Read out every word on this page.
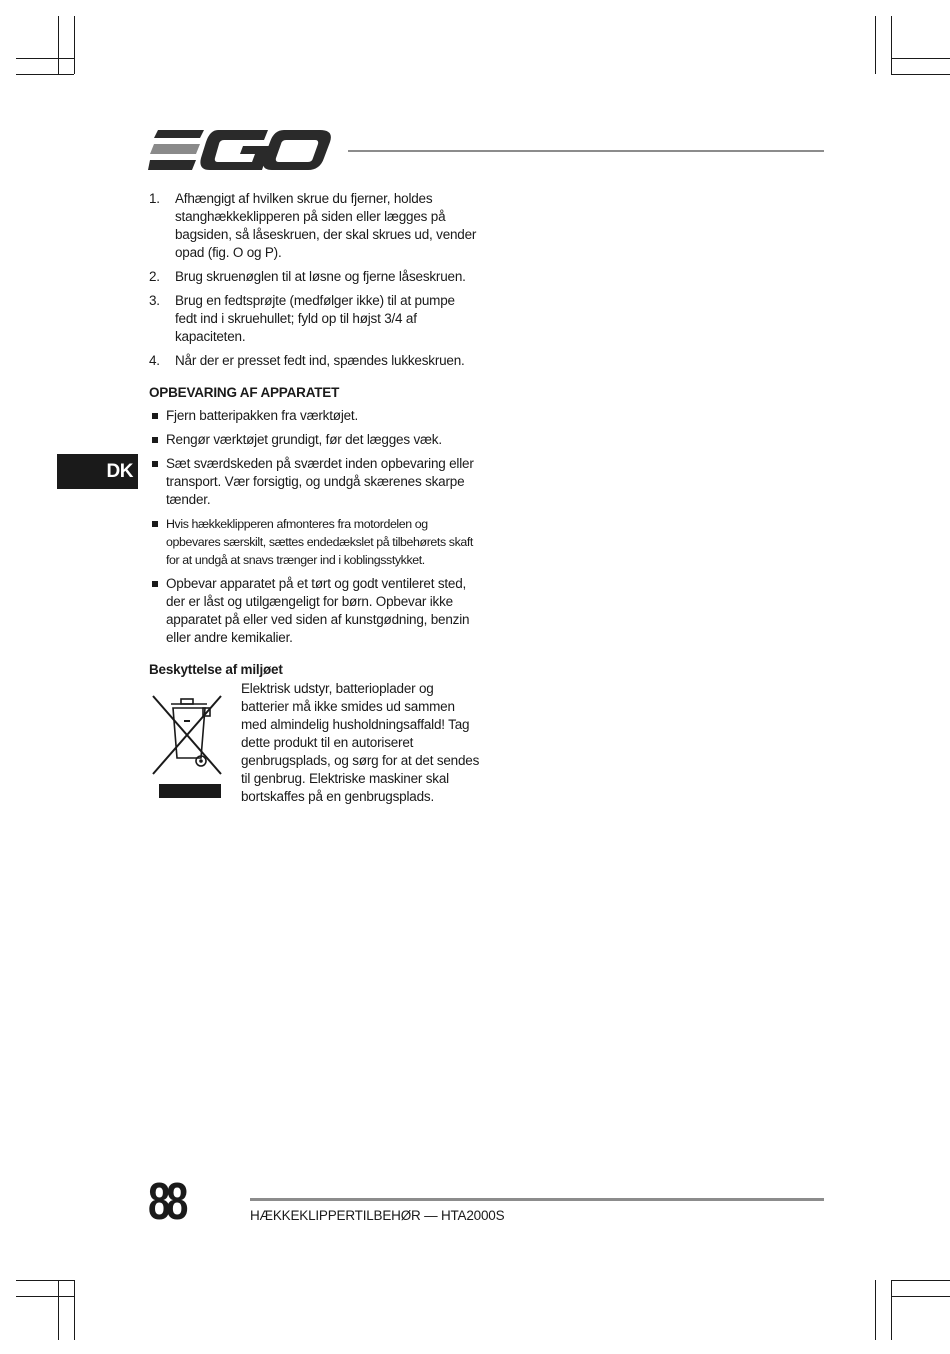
DK
1. Afhængigt af hvilken skrue du fjerner, holdes stanghækkeklipperen på siden eller lægges på bagsiden, så låseskruen, der skal skrues ud, vender opad (fig. O og P).
2. Brug skruenøglen til at løsne og fjerne låseskruen.
3. Brug en fedtsprøjte (medfølger ikke) til at pumpe fedt ind i skruehullet; fyld op til højst 3/4 af kapaciteten.
4. Når der er presset fedt ind, spændes lukkeskruen.
OPBEVARING AF APPARATET
Fjern batteripakken fra værktøjet.
Rengør værktøjet grundigt, før det lægges væk.
Sæt sværdskeden på sværdet inden opbevaring eller transport. Vær forsigtig, og undgå skærenes skarpe tænder.
Hvis hækkeklipperen afmonteres fra motordelen og opbevares særskilt, sættes endedækslet på tilbehørets skaft for at undgå at snavs trænger ind i koblingsstykket.
Opbevar apparatet på et tørt og godt ventileret sted, der er låst og utilgængeligt for børn. Opbevar ikke apparatet på eller ved siden af kunstgødning, benzin eller andre kemikalier.
Beskyttelse af miljøet

Elektrisk udstyr, batterioplader og batterier må ikke smides ud sammen med almindelig husholdningsaffald! Tag dette produkt til en autoriseret genbrugsplads, og sørg for at det sendes til genbrug. Elektriske maskiner skal bortskaffes på en genbrugsplads.

88	HÆKKEKLIPPERTILBEHØR — HTA2000S
